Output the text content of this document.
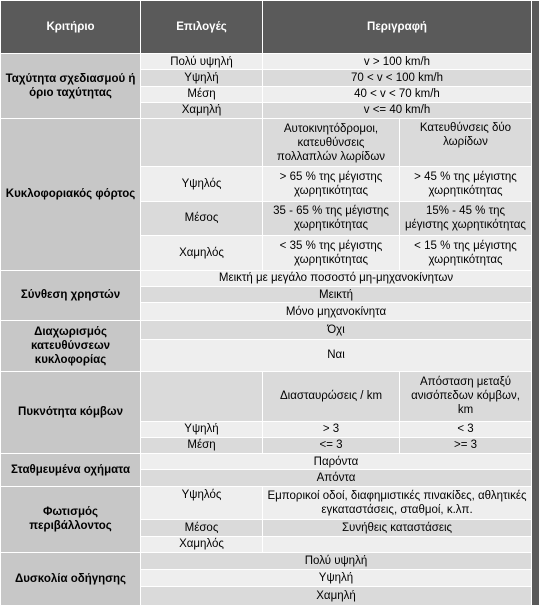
Κριτήριο	Επιλογές	Περιγραφή		
Ταχύτητα σχεδιασμού ή όριο ταχύτητας	Πολύ υψηλή	v > 100 km/h		
	Υψηλή	70 < v < 100 km/h		
	Μέση	40 < v < 70 km/h		
	Χαμηλή	v <= 40 km/h		
Κυκλοφοριακός φόρτος		Αυτοκινητόδρομοι, κατευθύνσεις πολλαπλών λωρίδων	Κατευθύνσεις δύο λωρίδων	
	Υψηλός	> 65 % της μέγιστης χωρητικότητας	> 45 % της μέγιστης χωρητικότητας	
	Μέσος	35 - 65 % της μέγιστης χωρητικότητας	15% - 45 % της μέγιστης χωρητικότητας	
	Χαμηλός	< 35 % της μέγιστης χωρητικότητας	< 15 % της μέγιστης χωρητικότητας	
Σύνθεση χρηστών	Μεικτή με μεγάλο ποσοστό μη-μηχανοκίνητων			
	Μεικτή			
	Μόνο μηχανοκίνητα			
Διαχωρισμός κατευθύνσεων κυκλοφορίας	Όχι			
	Ναι			
Πυκνότητα κόμβων		Διασταυρώσεις / km	Απόσταση μεταξύ ανισόπεδων κόμβων, km	
	Υψηλή	> 3	< 3	
	Μέση	<= 3	>= 3	
Σταθμευμένα οχήματα	Παρόντα			
	Απόντα			
Φωτισμός περιβάλλοντος	Υψηλός	Εμπορικοί οδοί, διαφημιστικές πινακίδες, αθλητικές εγκαταστάσεις, σταθμοί, κ.λπ.		
	Μέσος	Συνήθεις καταστάσεις		
	Χαμηλός			
Δυσκολία οδήγησης	Πολύ υψηλή			
	Υψηλή			
	Χαμηλή			
